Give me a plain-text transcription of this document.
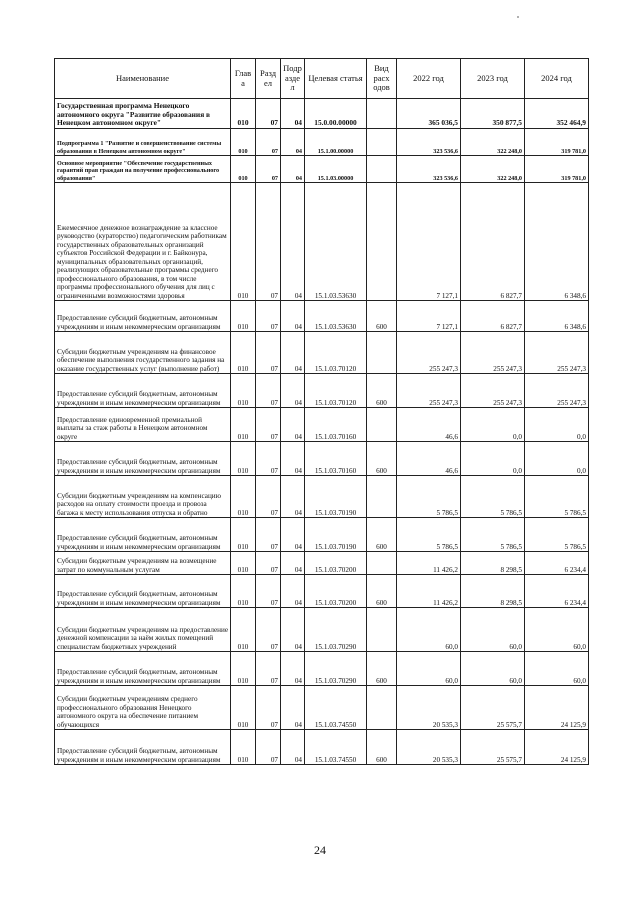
Наименование	Глав а	Разд ел	Подр азде л	Целевая статья	Вид расх одов	2022 год	2023 год	2024 год
Государственная программа Ненецкого автономного округа "Развитие образования в Ненецком автономном округе"	010	07	04	15.0.00.00000		365 036,5	350 877,5	352 464,9
Подпрограмма 1 "Развитие и совершенствование системы образования в Ненецком автономном округе"	010	07	04	15.1.00.00000		323 536,6	322 248,0	319 781,0
Основное мероприятие "Обеспечение государственных гарантий прав граждан на получение профессионального образования"	010	07	04	15.1.03.00000		323 536,6	322 248,0	319 781,0
Ежемесячное денежное вознаграждение за классное руководство (кураторство) педагогическим работникам государственных образовательных организаций субъектов Российской Федерации и г. Байконура, муниципальных образовательных организаций, реализующих образовательные программы среднего профессионального образования, в том числе программы профессионального обучения для лиц с ограниченными возможностями здоровья	010	07	04	15.1.03.53630		7 127,1	6 827,7	6 348,6
Предоставление субсидий бюджетным, автономным учреждениям и иным некоммерческим организациям	010	07	04	15.1.03.53630	600	7 127,1	6 827,7	6 348,6
Субсидии бюджетным учреждениям на финансовое обеспечение выполнения государственного задания на оказание государственных услуг (выполнение работ)	010	07	04	15.1.03.70120		255 247,3	255 247,3	255 247,3
Предоставление субсидий бюджетным, автономным учреждениям и иным некоммерческим организациям	010	07	04	15.1.03.70120	600	255 247,3	255 247,3	255 247,3
Предоставление единовременной премиальной выплаты за стаж работы в Ненецком автономном округе	010	07	04	15.1.03.70160		46,6	0,0	0,0
Предоставление субсидий бюджетным, автономным учреждениям и иным некоммерческим организациям	010	07	04	15.1.03.70160	600	46,6	0,0	0,0
Субсидии бюджетным учреждениям на компенсацию расходов на оплату стоимости проезда и провоза багажа к месту использования отпуска и обратно	010	07	04	15.1.03.70190		5 786,5	5 786,5	5 786,5
Предоставление субсидий бюджетным, автономным учреждениям и иным некоммерческим организациям	010	07	04	15.1.03.70190	600	5 786,5	5 786,5	5 786,5
Субсидии бюджетным учреждениям на возмещение затрат по коммунальным услугам	010	07	04	15.1.03.70200		11 426,2	8 298,5	6 234,4
Предоставление субсидий бюджетным, автономным учреждениям и иным некоммерческим организациям	010	07	04	15.1.03.70200	600	11 426,2	8 298,5	6 234,4
Субсидии бюджетным учреждениям на предоставление денежной компенсации за наём жилых помещений специалистам бюджетных учреждений	010	07	04	15.1.03.70290		60,0	60,0	60,0
Предоставление субсидий бюджетным, автономным учреждениям и иным некоммерческим организациям	010	07	04	15.1.03.70290	600	60,0	60,0	60,0
Субсидии бюджетным учреждениям среднего профессионального образования Ненецкого автономного округа на обеспечение питанием обучающихся	010	07	04	15.1.03.74550		20 535,3	25 575,7	24 125,9
Предоставление субсидий бюджетным, автономным учреждениям и иным некоммерческим организациям	010	07	04	15.1.03.74550	600	20 535,3	25 575,7	24 125,9
24
